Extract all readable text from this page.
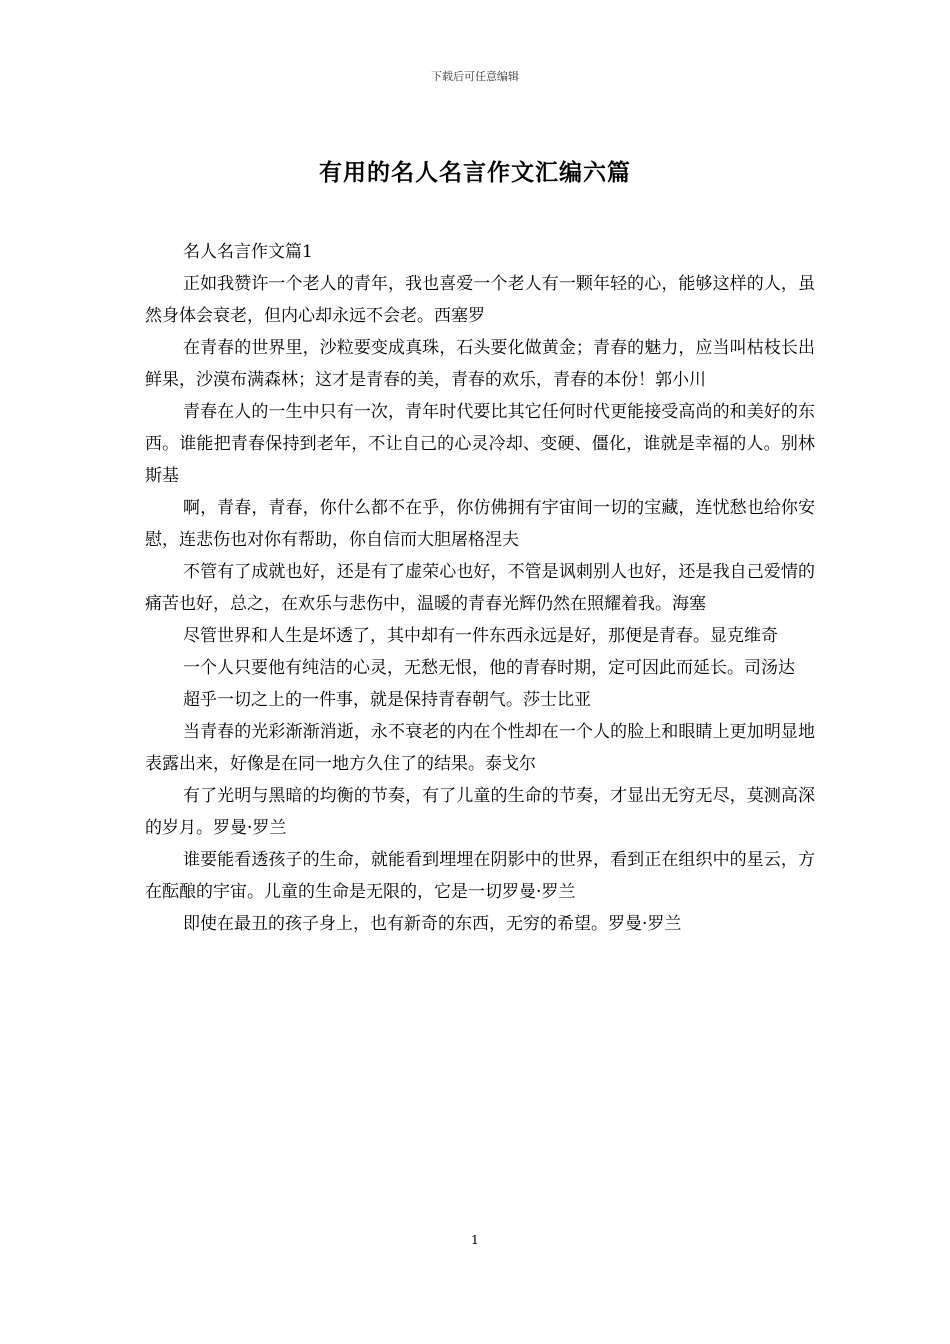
下载后可任意编辑
有用的名人名言作文汇编六篇

名人名言作文篇1

正如我赞许一个老人的青年，我也喜爱一个老人有一颗年轻的心，能够这样的人，虽然身体会衰老，但内心却永远不会老。西塞罗

在青春的世界里，沙粒要变成真珠，石头要化做黄金；青春的魅力，应当叫枯枝长出鲜果，沙漠布满森林；这才是青春的美，青春的欢乐，青春的本份！郭小川

青春在人的一生中只有一次，青年时代要比其它任何时代更能接受高尚的和美好的东西。谁能把青春保持到老年，不让自己的心灵冷却、变硬、僵化，谁就是幸福的人。别林斯基

啊，青春，青春，你什么都不在乎，你仿佛拥有宇宙间一切的宝藏，连忧愁也给你安慰，连悲伤也对你有帮助，你自信而大胆屠格涅夫

不管有了成就也好，还是有了虚荣心也好，不管是讽刺别人也好，还是我自己爱情的痛苦也好，总之，在欢乐与悲伤中，温暖的青春光辉仍然在照耀着我。海塞

尽管世界和人生是坏透了，其中却有一件东西永远是好，那便是青春。显克维奇

一个人只要他有纯洁的心灵，无愁无恨，他的青春时期，定可因此而延长。司汤达

超乎一切之上的一件事，就是保持青春朝气。莎士比亚

当青春的光彩渐渐消逝，永不衰老的内在个性却在一个人的脸上和眼睛上更加明显地表露出来，好像是在同一地方久住了的结果。泰戈尔

有了光明与黑暗的均衡的节奏，有了儿童的生命的节奏，才显出无穷无尽，莫测高深的岁月。罗曼·罗兰

谁要能看透孩子的生命，就能看到埋埋在阴影中的世界，看到正在组织中的星云，方在酝酿的宇宙。儿童的生命是无限的，它是一切罗曼·罗兰

即使在最丑的孩子身上，也有新奇的东西，无穷的希望。罗曼·罗兰

1
